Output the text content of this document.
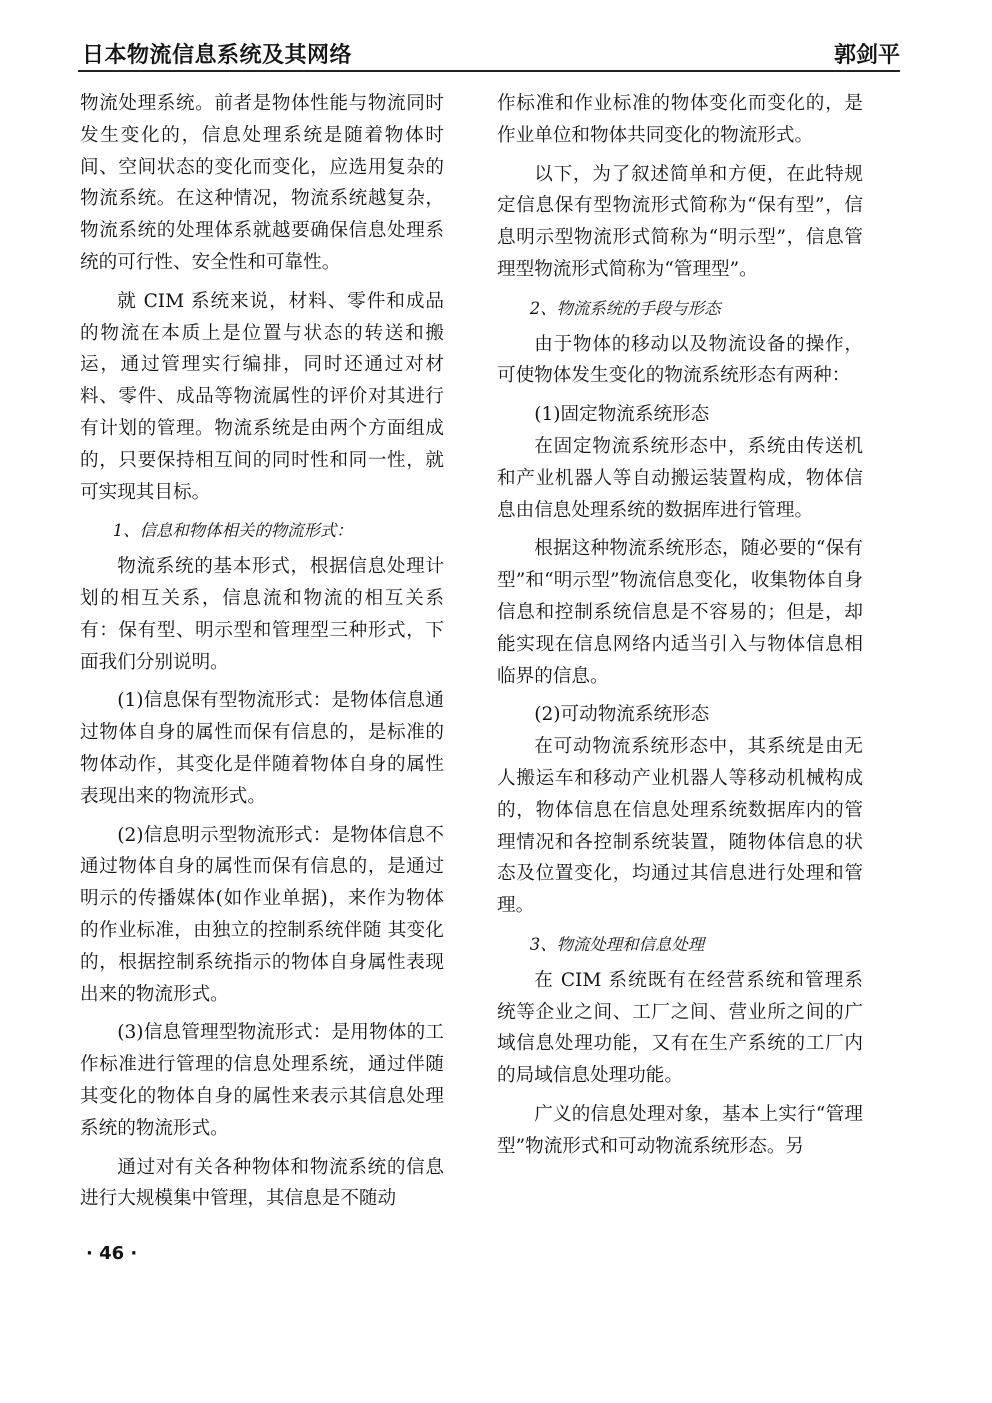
日本物流信息系统及其网络	郭剑平

物流处理系统。前者是物体性能与物流同时发生变化的，信息处理系统是随着物体时间、空间状态的变化而变化，应选用复杂的物流系统。在这种情况，物流系统越复杂，物流系统的处理体系就越要确保信息处理系统的可行性、安全性和可靠性。

就 CIM 系统来说，材料、零件和成品的物流在本质上是位置与状态的转送和搬运，通过管理实行编排，同时还通过对材料、零件、成品等物流属性的评价对其进行有计划的管理。物流系统是由两个方面组成的，只要保持相互间的同时性和同一性，就可实现其目标。

1、信息和物体相关的物流形式：

物流系统的基本形式，根据信息处理计划的相互关系，信息流和物流的相互关系有：保有型、明示型和管理型三种形式，下面我们分别说明。

(1)信息保有型物流形式：是物体信息通过物体自身的属性而保有信息的，是标准的物体动作，其变化是伴随着物体自身的属性表现出来的物流形式。

(2)信息明示型物流形式：是物体信息不通过物体自身的属性而保有信息的，是通过明示的传播媒体(如作业单据)，来作为物体的作业标准，由独立的控制系统伴随 其变化的，根据控制系统指示的物体自身属性表现出来的物流形式。

(3)信息管理型物流形式：是用物体的工作标准进行管理的信息处理系统，通过伴随其变化的物体自身的属性来表示其信息处理系统的物流形式。

通过对有关各种物体和物流系统的信息进行大规模集中管理，其信息是不随动

作标准和作业标准的物体变化而变化的，是作业单位和物体共同变化的物流形式。

以下，为了叙述简单和方便，在此特规定信息保有型物流形式简称为“保有型”，信息明示型物流形式简称为“明示型”，信息管理型物流形式简称为“管理型”。

2、物流系统的手段与形态

由于物体的移动以及物流设备的操作，可使物体发生变化的物流系统形态有两种：

(1)固定物流系统形态

在固定物流系统形态中，系统由传送机和产业机器人等自动搬运装置构成，物体信息由信息处理系统的数据库进行管理。

根据这种物流系统形态，随必要的“保有型”和“明示型”物流信息变化，收集物体自身信息和控制系统信息是不容易的；但是，却能实现在信息网络内适当引入与物体信息相临界的信息。

(2)可动物流系统形态

在可动物流系统形态中，其系统是由无人搬运车和移动产业机器人等移动机械构成的，物体信息在信息处理系统数据库内的管理情况和各控制系统装置，随物体信息的状态及位置变化，均通过其信息进行处理和管理。

3、物流处理和信息处理

在 CIM 系统既有在经营系统和管理系统等企业之间、工厂之间、营业所之间的广域信息处理功能，又有在生产系统的工厂内的局域信息处理功能。

广义的信息处理对象，基本上实行“管理型”物流形式和可动物流系统形态。另

· 46 ·
